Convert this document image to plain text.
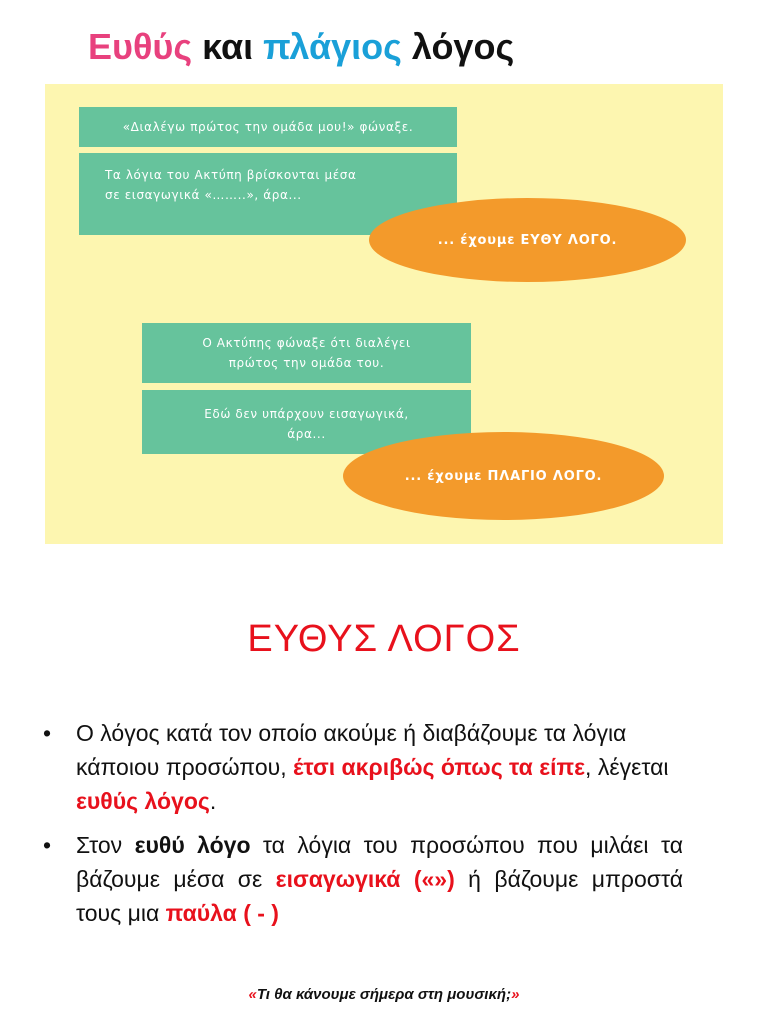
Ευθύς και πλάγιος λόγος
«Διαλέγω πρώτος την ομάδα μου!» φώναξε.
Τα λόγια του Ακτύπη βρίσκονται μέσα
σε εισαγωγικά «……..», άρα...
... έχουμε ΕΥΘΥ ΛΟΓΟ.
Ο Ακτύπης φώναξε ότι διαλέγει
πρώτος την ομάδα του.
Εδώ δεν υπάρχουν εισαγωγικά,
άρα...
... έχουμε ΠΛΑΓΙΟ ΛΟΓΟ.
ΕΥΘΥΣ ΛΟΓΟΣ
• Ο λόγος κατά τον οποίο ακούμε ή διαβάζουμε τα λόγια κάποιου προσώπου, έτσι ακριβώς όπως τα είπε, λέγεται ευθύς λόγος.
• Στον ευθύ λόγο τα λόγια του προσώπου που μιλάει τα βάζουμε μέσα σε εισαγωγικά («») ή βάζουμε μπροστά τους μια παύλα ( - )
«Τι θα κάνουμε σήμερα στη μουσική;»
